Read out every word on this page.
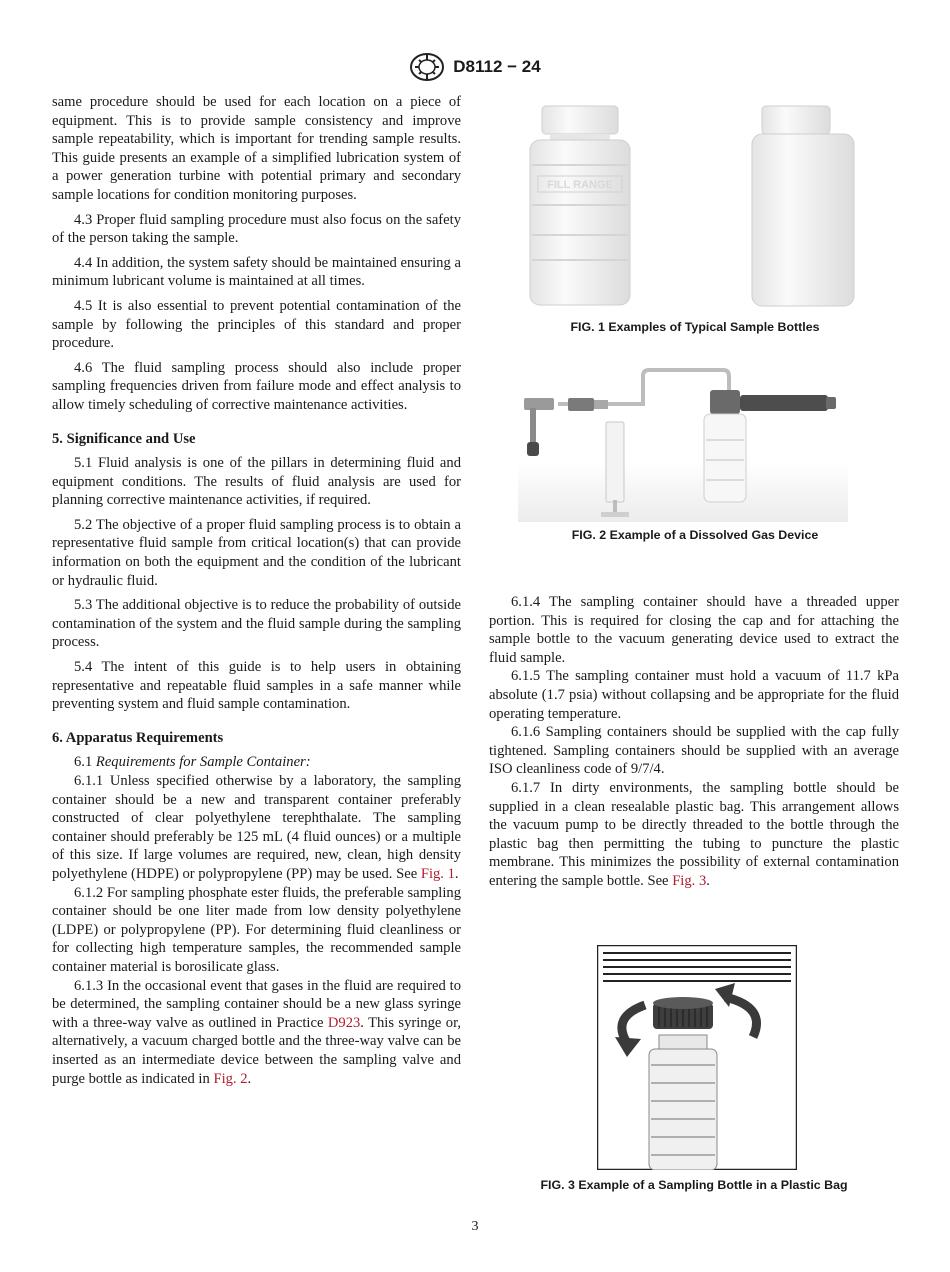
D8112 − 24

same procedure should be used for each location on a piece of equipment. This is to provide sample consistency and improve sample repeatability, which is important for trending sample results. This guide presents an example of a simplified lubrication system of a power generation turbine with potential primary and secondary sample locations for condition monitoring purposes.

4.3 Proper fluid sampling procedure must also focus on the safety of the person taking the sample.

4.4 In addition, the system safety should be maintained ensuring a minimum lubricant volume is maintained at all times.

4.5 It is also essential to prevent potential contamination of the sample by following the principles of this standard and proper procedure.

4.6 The fluid sampling process should also include proper sampling frequencies driven from failure mode and effect analysis to allow timely scheduling of corrective maintenance activities.

5. Significance and Use

5.1 Fluid analysis is one of the pillars in determining fluid and equipment conditions. The results of fluid analysis are used for planning corrective maintenance activities, if required.

5.2 The objective of a proper fluid sampling process is to obtain a representative fluid sample from critical location(s) that can provide information on both the equipment and the condition of the lubricant or hydraulic fluid.

5.3 The additional objective is to reduce the probability of outside contamination of the system and the fluid sample during the sampling process.

5.4 The intent of this guide is to help users in obtaining representative and repeatable fluid samples in a safe manner while preventing system and fluid sample contamination.

6. Apparatus Requirements

6.1 Requirements for Sample Container:

6.1.1 Unless specified otherwise by a laboratory, the sampling container should be a new and transparent container preferably constructed of clear polyethylene terephthalate. The sampling container should preferably be 125 mL (4 fluid ounces) or a multiple of this size. If large volumes are required, new, clean, high density polyethylene (HDPE) or polypropylene (PP) may be used. See Fig. 1.

6.1.2 For sampling phosphate ester fluids, the preferable sampling container should be one liter made from low density polyethylene (LDPE) or polypropylene (PP). For determining fluid cleanliness or for collecting high temperature samples, the recommended sample container material is borosilicate glass.

6.1.3 In the occasional event that gases in the fluid are required to be determined, the sampling container should be a new glass syringe with a three-way valve as outlined in Practice D923. This syringe or, alternatively, a vacuum charged bottle and the three-way valve can be inserted as an intermediate device between the sampling valve and purge bottle as indicated in Fig. 2.

FILL RANGE
FIG. 1 Examples of Typical Sample Bottles
FIG. 2 Example of a Dissolved Gas Device

6.1.4 The sampling container should have a threaded upper portion. This is required for closing the cap and for attaching the sample bottle to the vacuum generating device used to extract the fluid sample.

6.1.5 The sampling container must hold a vacuum of 11.7 kPa absolute (1.7 psia) without collapsing and be appropriate for the fluid operating temperature.

6.1.6 Sampling containers should be supplied with the cap fully tightened. Sampling containers should be supplied with an average ISO cleanliness code of 9/7/4.

6.1.7 In dirty environments, the sampling bottle should be supplied in a clean resealable plastic bag. This arrangement allows the vacuum pump to be directly threaded to the bottle through the plastic bag then permitting the tubing to puncture the plastic membrane. This minimizes the possibility of external contamination entering the sample bottle. See Fig. 3.

FIG. 3 Example of a Sampling Bottle in a Plastic Bag
3
